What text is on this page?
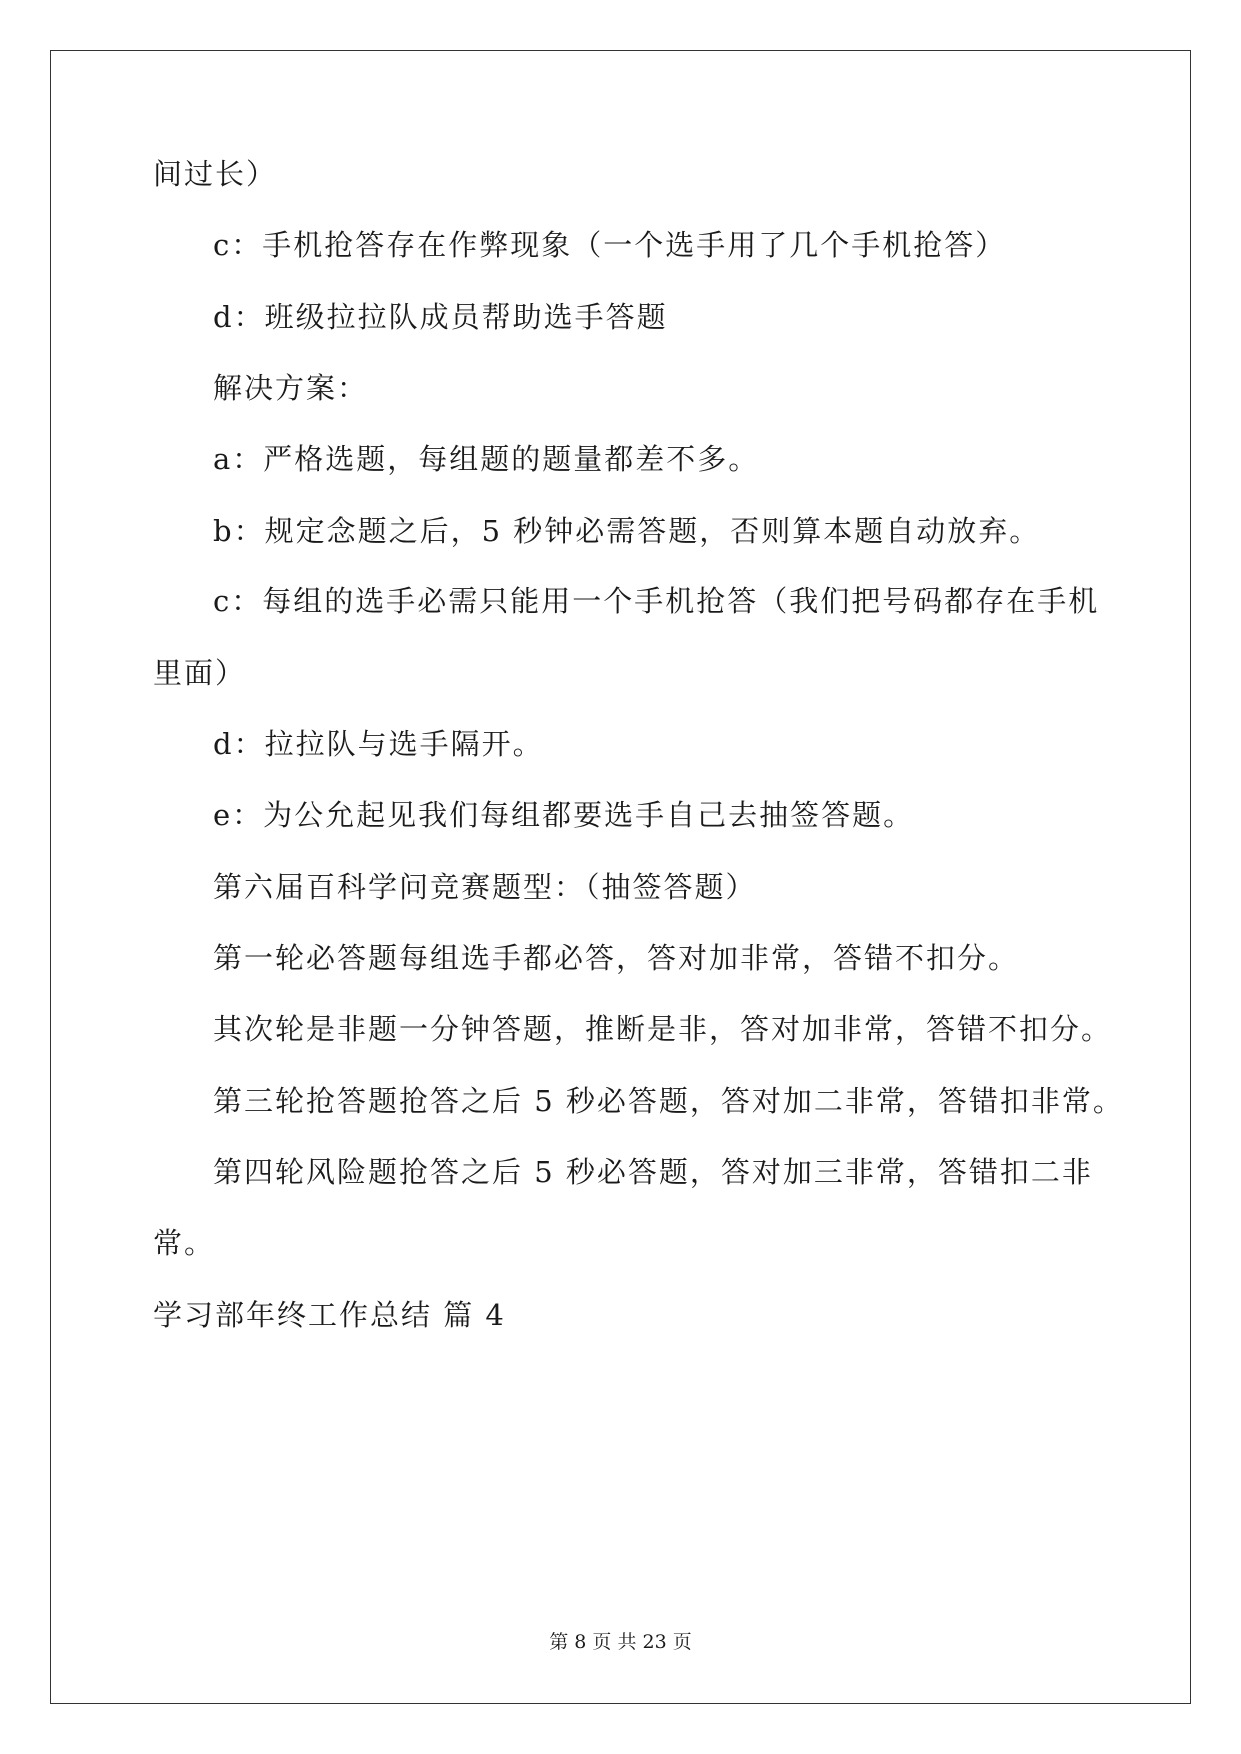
间过长）
c：手机抢答存在作弊现象（一个选手用了几个手机抢答）
d：班级拉拉队成员帮助选手答题
解决方案：
a：严格选题，每组题的题量都差不多。
b：规定念题之后，5 秒钟必需答题，否则算本题自动放弃。
c：每组的选手必需只能用一个手机抢答（我们把号码都存在手机
里面）
d：拉拉队与选手隔开。
e：为公允起见我们每组都要选手自己去抽签答题。
第六届百科学问竞赛题型：（抽签答题）
第一轮必答题每组选手都必答，答对加非常，答错不扣分。
其次轮是非题一分钟答题，推断是非，答对加非常，答错不扣分。
第三轮抢答题抢答之后 5 秒必答题，答对加二非常，答错扣非常。
第四轮风险题抢答之后 5 秒必答题，答对加三非常，答错扣二非
常。
学习部年终工作总结 篇 4
第 8 页 共 23 页
